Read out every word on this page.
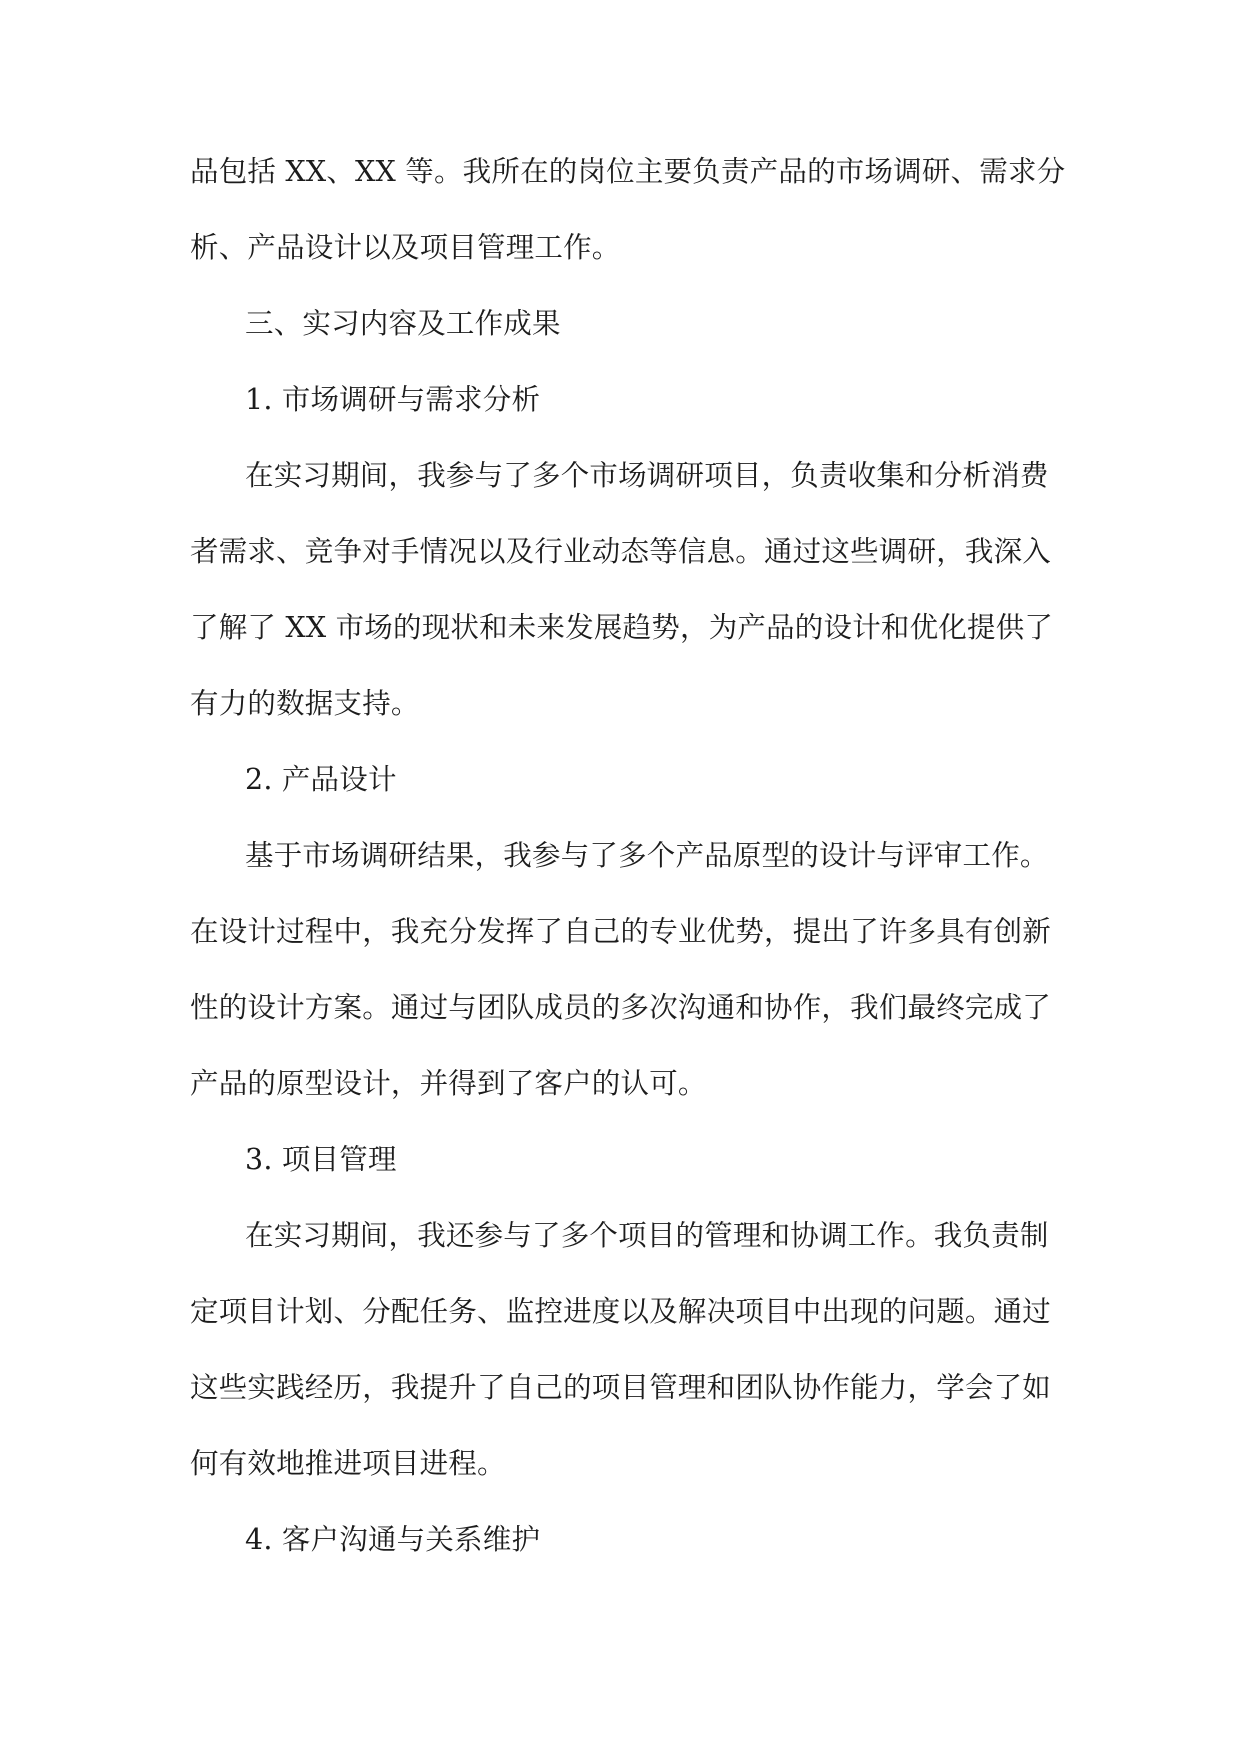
品包括 XX、XX 等。我所在的岗位主要负责产品的市场调研、需求分
析、产品设计以及项目管理工作。
三、实习内容及工作成果
1. 市场调研与需求分析
在实习期间，我参与了多个市场调研项目，负责收集和分析消费
者需求、竞争对手情况以及行业动态等信息。通过这些调研，我深入
了解了 XX 市场的现状和未来发展趋势，为产品的设计和优化提供了
有力的数据支持。
2. 产品设计
基于市场调研结果，我参与了多个产品原型的设计与评审工作。
在设计过程中，我充分发挥了自己的专业优势，提出了许多具有创新
性的设计方案。通过与团队成员的多次沟通和协作，我们最终完成了
产品的原型设计，并得到了客户的认可。
3. 项目管理
在实习期间，我还参与了多个项目的管理和协调工作。我负责制
定项目计划、分配任务、监控进度以及解决项目中出现的问题。通过
这些实践经历，我提升了自己的项目管理和团队协作能力，学会了如
何有效地推进项目进程。
4. 客户沟通与关系维护
